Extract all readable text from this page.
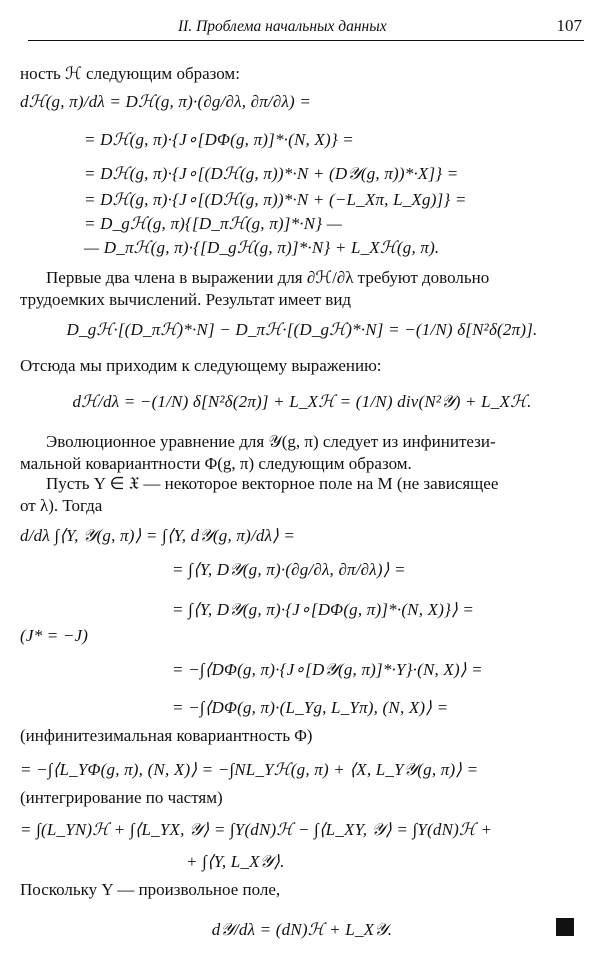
II. Проблема начальных данных	107
ность ℋ следующим образом:
dℋ(g, π)/dλ = Dℋ(g, π)·(∂g/∂λ, ∂π/∂λ) =
= Dℋ(g, π)·{J∘[DΦ(g, π)]*·(N, X)} =
= Dℋ(g, π)·{J∘[(Dℋ(g, π))*·N + (D𝒴(g, π))*·X]} =
= Dℋ(g, π)·{J∘[(Dℋ(g, π))*·N + (−L_Xπ, L_Xg)]} =
= D_gℋ(g, π){[D_πℋ(g, π)]*·N} —
— D_πℋ(g, π)·{[D_gℋ(g, π)]*·N} + L_Xℋ(g, π).
Первые два члена в выражении для ∂ℋ/∂λ требуют довольно
трудоемких вычислений. Результат имеет вид
D_gℋ·[(D_πℋ)*·N] − D_πℋ·[(D_gℋ)*·N] = −(1/N) δ[N²δ(2π)].
Отсюда мы приходим к следующему выражению:
dℋ/dλ = −(1/N) δ[N²δ(2π)] + L_Xℋ = (1/N) div(N²𝒴) + L_Xℋ.
Эволюционное уравнение для 𝒴(g, π) следует из инфинитези-
мальной ковариантности Φ(g, π) следующим образом.
Пусть Y ∈ 𝔛 — некоторое векторное поле на M (не зависящее
от λ). Тогда
d/dλ ∫⟨Y, 𝒴(g, π)⟩ = ∫⟨Y, d𝒴(g, π)/dλ⟩ =
= ∫⟨Y, D𝒴(g, π)·(∂g/∂λ, ∂π/∂λ)⟩ =
= ∫⟨Y, D𝒴(g, π)·{J∘[DΦ(g, π)]*·(N, X)}⟩ =
(J* = −J)
= −∫⟨DΦ(g, π)·{J∘[D𝒴(g, π)]*·Y}·(N, X)⟩ =
= −∫⟨DΦ(g, π)·(L_Yg, L_Yπ), (N, X)⟩ =
(инфинитезимальная ковариантность Φ)
= −∫⟨L_YΦ(g, π), (N, X)⟩ = −∫NL_Yℋ(g, π) + ⟨X, L_Y𝒴(g, π)⟩ =
(интегрирование по частям)
= ∫(L_YN)ℋ + ∫⟨L_YX, 𝒴⟩ = ∫Y(dN)ℋ − ∫⟨L_XY, 𝒴⟩ = ∫Y(dN)ℋ +
+ ∫⟨Y, L_X𝒴⟩.
Поскольку Y — произвольное поле,
d𝒴/dλ = (dN)ℋ + L_X𝒴.
